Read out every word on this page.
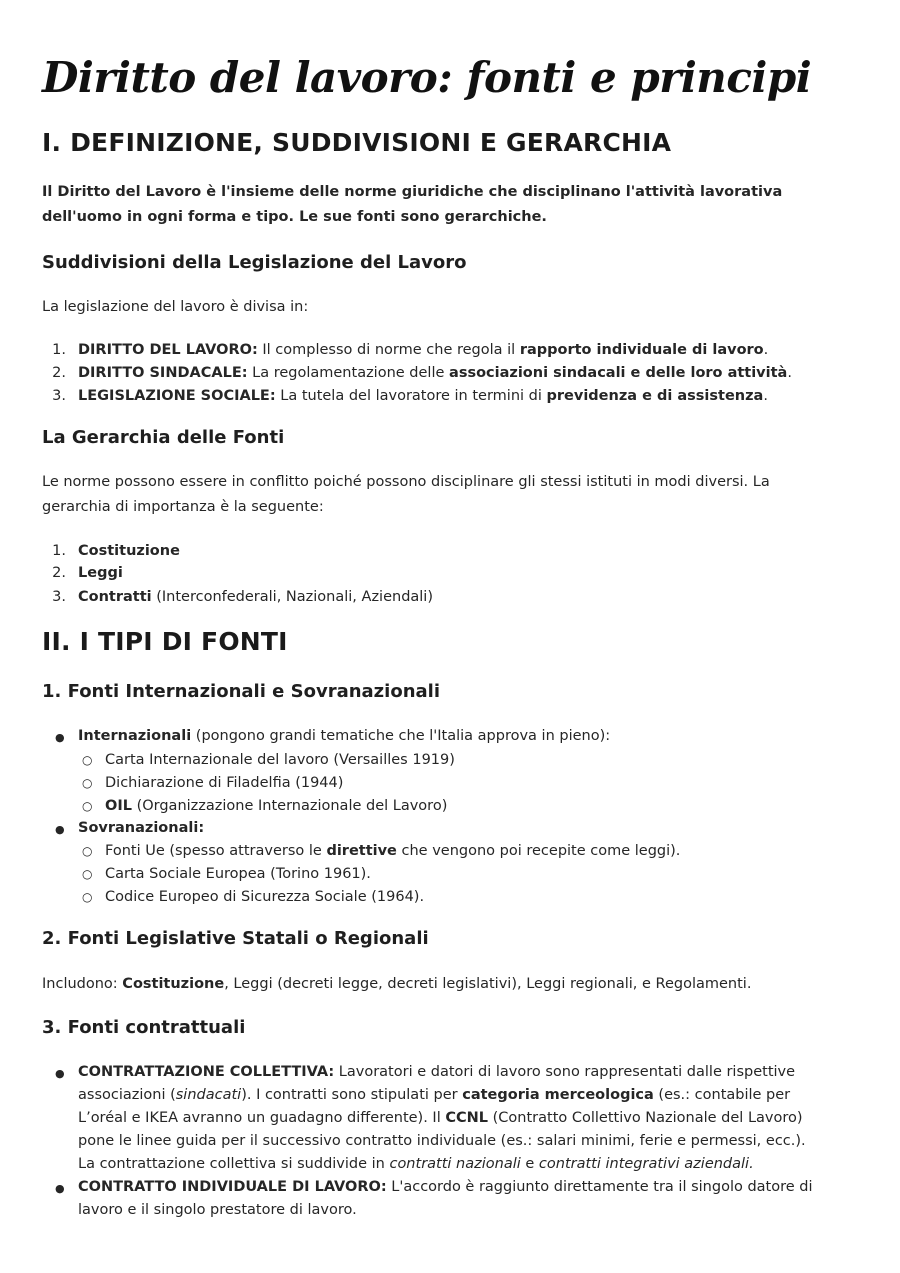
Diritto del lavoro: fonti e principi
I. DEFINIZIONE, SUDDIVISIONI E GERARCHIA
Il Diritto del Lavoro è l'insieme delle norme giuridiche che disciplinano l'attività lavorativa
dell'uomo in ogni forma e tipo. Le sue fonti sono gerarchiche.
Suddivisioni della Legislazione del Lavoro
La legislazione del lavoro è divisa in:
1. DIRITTO DEL LAVORO: Il complesso di norme che regola il rapporto individuale di lavoro.
2. DIRITTO SINDACALE: La regolamentazione delle associazioni sindacali e delle loro attività.
3. LEGISLAZIONE SOCIALE: La tutela del lavoratore in termini di previdenza e di assistenza.
La Gerarchia delle Fonti
Le norme possono essere in conflitto poiché possono disciplinare gli stessi istituti in modi diversi. La
gerarchia di importanza è la seguente:
1. Costituzione
2. Leggi
3. Contratti (Interconfederali, Nazionali, Aziendali)
II. I TIPI DI FONTI
1. Fonti Internazionali e Sovranazionali
● Internazionali (pongono grandi tematiche che l'Italia approva in pieno):
○ Carta Internazionale del lavoro (Versailles 1919)
○ Dichiarazione di Filadelfia (1944)
○ OIL (Organizzazione Internazionale del Lavoro)
● Sovranazionali:
○ Fonti Ue (spesso attraverso le direttive che vengono poi recepite come leggi).
○ Carta Sociale Europea (Torino 1961).
○ Codice Europeo di Sicurezza Sociale (1964).
2. Fonti Legislative Statali o Regionali
Includono: Costituzione, Leggi (decreti legge, decreti legislativi), Leggi regionali, e Regolamenti.
3. Fonti contrattuali
● CONTRATTAZIONE COLLETTIVA: Lavoratori e datori di lavoro sono rappresentati dalle rispettive
associazioni (sindacati). I contratti sono stipulati per categoria merceologica (es.: contabile per
L’oréal e IKEA avranno un guadagno differente). Il CCNL (Contratto Collettivo Nazionale del Lavoro)
pone le linee guida per il successivo contratto individuale (es.: salari minimi, ferie e permessi, ecc.).
La contrattazione collettiva si suddivide in contratti nazionali e contratti integrativi aziendali.
● CONTRATTO INDIVIDUALE DI LAVORO: L'accordo è raggiunto direttamente tra il singolo datore di
lavoro e il singolo prestatore di lavoro.
